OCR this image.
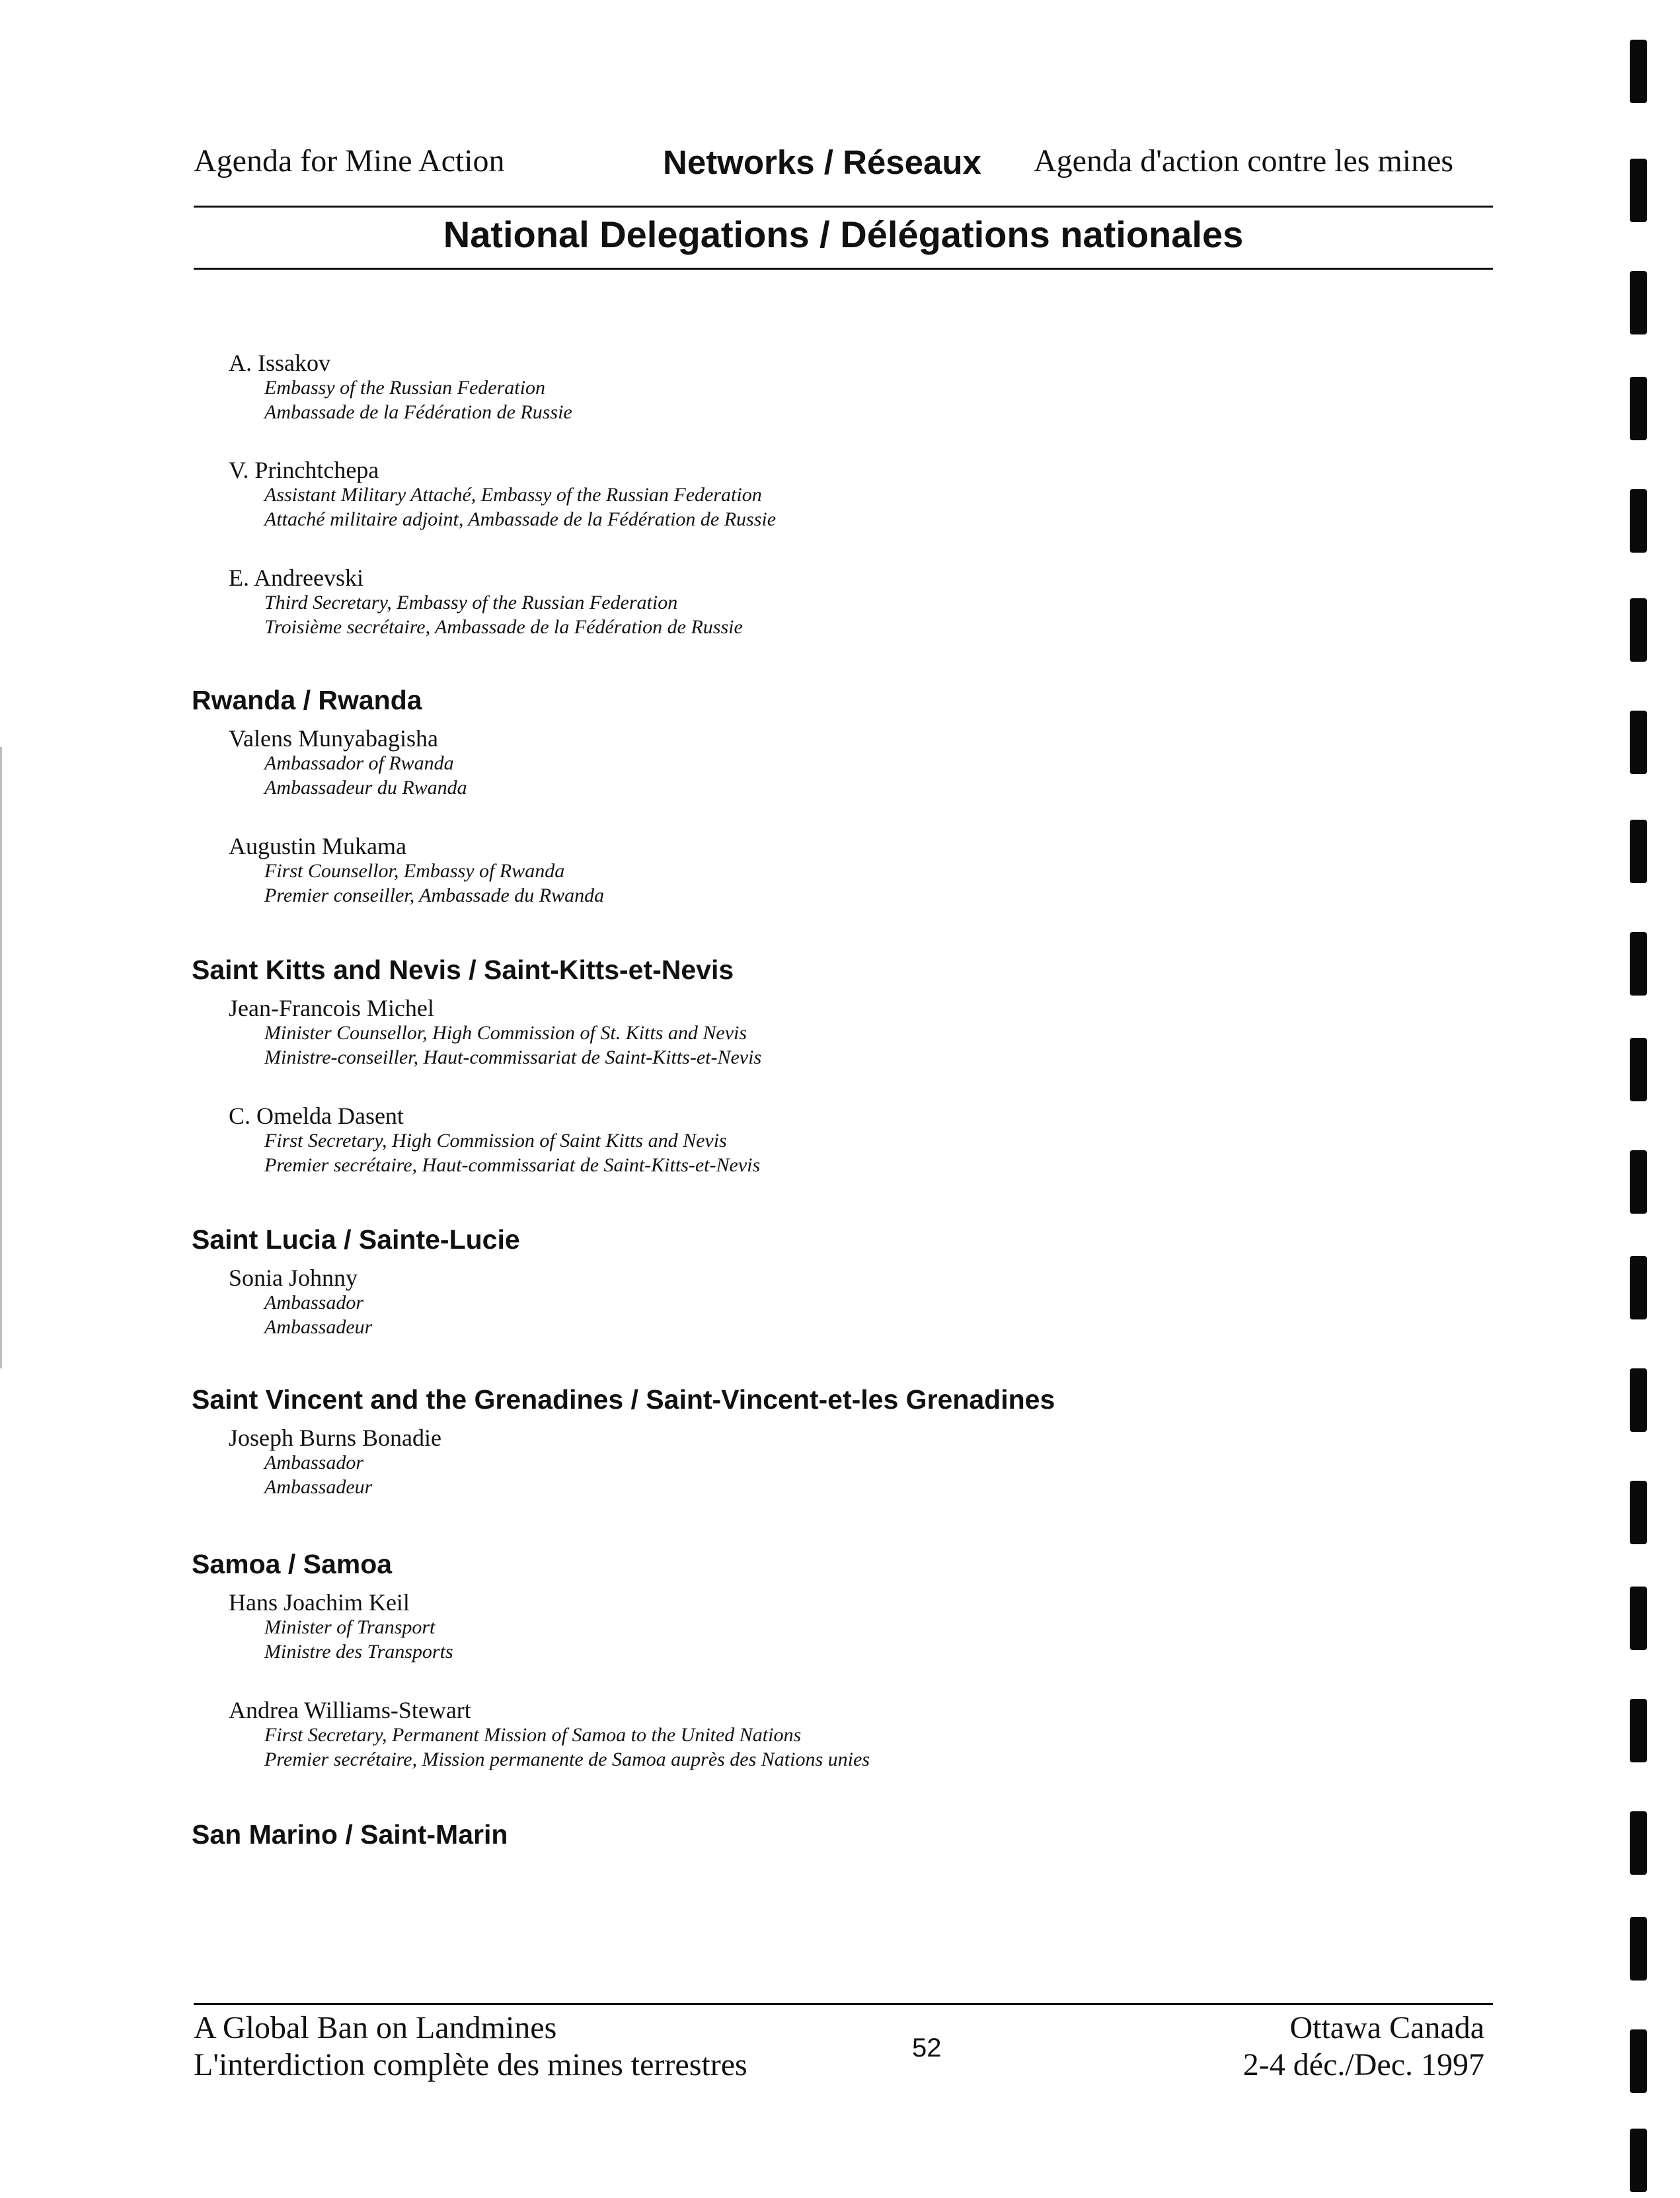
Agenda for Mine Action	Networks / Réseaux Agenda d'action contre les mines
National Delegations / Délégations nationales
A. Issakov
Embassy of the Russian Federation
Ambassade de la Fédération de Russie
V. Princhtchepa
Assistant Military Attaché, Embassy of the Russian Federation
Attaché militaire adjoint, Ambassade de la Fédération de Russie
E. Andreevski
Third Secretary, Embassy of the Russian Federation
Troisième secrétaire, Ambassade de la Fédération de Russie
Rwanda / Rwanda
Valens Munyabagisha
Ambassador of Rwanda
Ambassadeur du Rwanda
Augustin Mukama
First Counsellor, Embassy of Rwanda
Premier conseiller, Ambassade du Rwanda
Saint Kitts and Nevis / Saint-Kitts-et-Nevis
Jean-Francois Michel
Minister Counsellor, High Commission of St. Kitts and Nevis
Ministre-conseiller, Haut-commissariat de Saint-Kitts-et-Nevis
C. Omelda Dasent
First Secretary, High Commission of Saint Kitts and Nevis
Premier secrétaire, Haut-commissariat de Saint-Kitts-et-Nevis
Saint Lucia / Sainte-Lucie
Sonia Johnny
Ambassador
Ambassadeur
Saint Vincent and the Grenadines / Saint-Vincent-et-les Grenadines
Joseph Burns Bonadie
Ambassador
Ambassadeur
Samoa / Samoa
Hans Joachim Keil
Minister of Transport
Ministre des Transports
Andrea Williams-Stewart
First Secretary, Permanent Mission of Samoa to the United Nations
Premier secrétaire, Mission permanente de Samoa auprès des Nations unies
San Marino / Saint-Marin
A Global Ban on Landmines
L'interdiction complète des mines terrestres	52
Ottawa Canada
2-4 déc./Dec. 1997
